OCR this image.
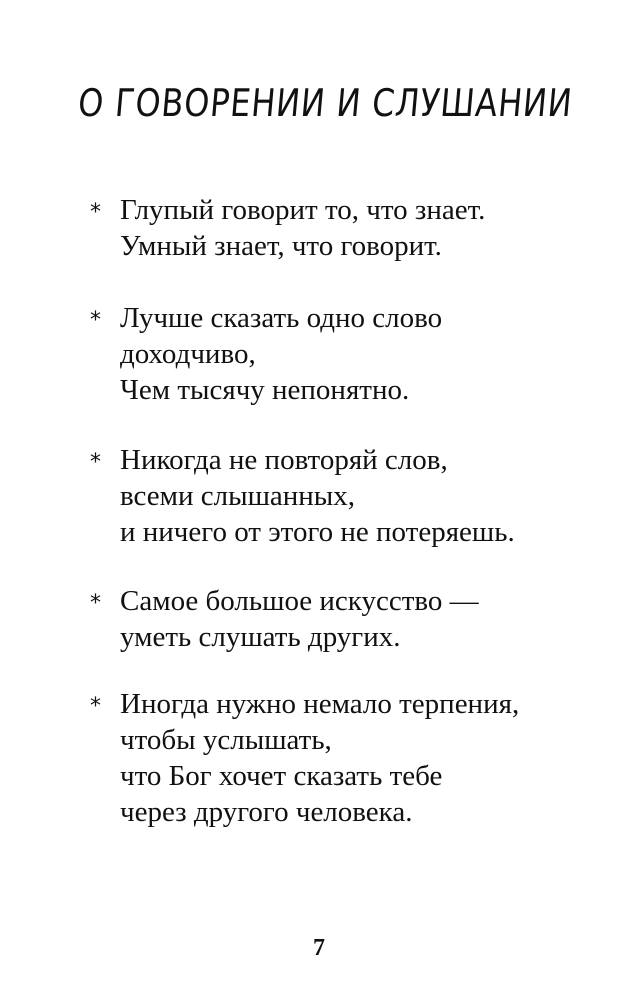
О ГОВОРЕНИИ И СЛУШАНИИ
* Глупый говорит то, что знает.
Умный знает, что говорит.
* Лучше сказать одно слово
доходчиво,
Чем тысячу непонятно.
* Никогда не повторяй слов,
всеми слышанных,
и ничего от этого не потеряешь.
* Самое большое искусство —
уметь слушать других.
* Иногда нужно немало терпения,
чтобы услышать,
что Бог хочет сказать тебе
через другого человека.
7
